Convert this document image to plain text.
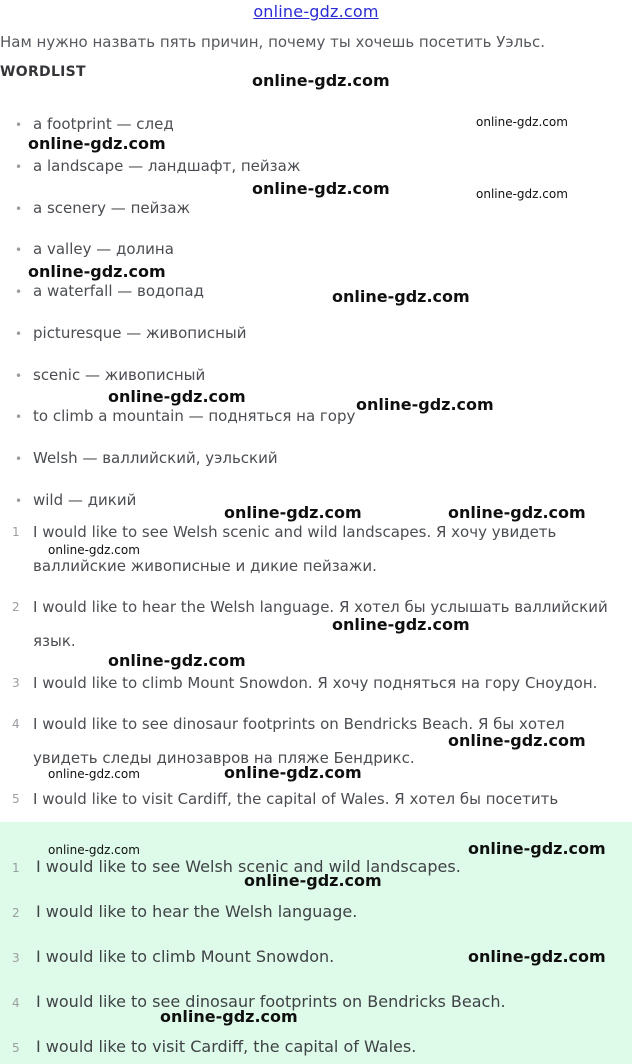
online-gdz.com
Нам нужно назвать пять причин, почему ты хочешь посетить Уэльс.
WORDLIST
• a footprint — след
• a landscape — ландшафт, пейзаж
• a scenery — пейзаж
• a valley — долина
• a waterfall — водопад
• picturesque — живописный
• scenic — живописный
• to climb a mountain — подняться на гору
• Welsh — валлийский, уэльский
• wild — дикий
1 I would like to see Welsh scenic and wild landscapes. Я хочу увидеть валлийские живописные и дикие пейзажи.
2 I would like to hear the Welsh language. Я хотел бы услышать валлийский язык.
3 I would like to climb Mount Snowdon. Я хочу подняться на гору Сноудон.
4 I would like to see dinosaur footprints on Bendricks Beach. Я бы хотел увидеть следы динозавров на пляже Бендрикс.
5 I would like to visit Cardiff, the capital of Wales. Я хотел бы посетить
1 I would like to see Welsh scenic and wild landscapes.
2 I would like to hear the Welsh language.
3 I would like to climb Mount Snowdon.
4 I would like to see dinosaur footprints on Bendricks Beach.
5 I would like to visit Cardiff, the capital of Wales.
online-gdz.com
online-gdz.com
online-gdz.com
online-gdz.com	online-gdz.com
online-gdz.com
online-gdz.com
online-gdz.com	online-gdz.com
online-gdz.com	online-gdz.com
online-gdz.com
online-gdz.com
online-gdz.com
online-gdz.com
online-gdz.com	online-gdz.com
online-gdz.com	online-gdz.com
online-gdz.com
online-gdz.com
online-gdz.com
